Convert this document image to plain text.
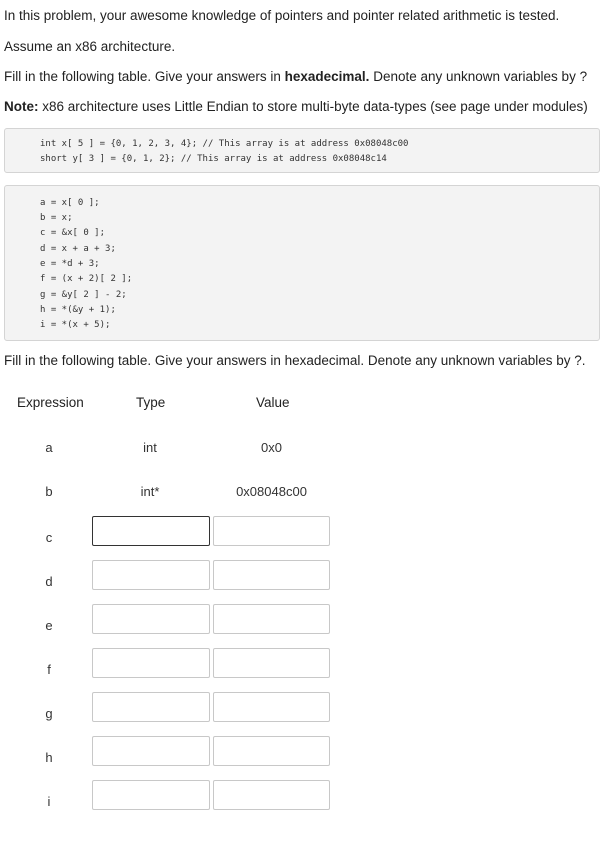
In this problem, your awesome knowledge of pointers and pointer related arithmetic is tested.
Assume an x86 architecture.
Fill in the following table. Give your answers in hexadecimal. Denote any unknown variables by ?
Note: x86 architecture uses Little Endian to store multi-byte data-types (see page under modules)
int x[ 5 ] = {0, 1, 2, 3, 4}; // This array is at address 0x08048c00
short y[ 3 ] = {0, 1, 2}; // This array is at address 0x08048c14
a = x[ 0 ];
b = x;
c = &x[ 0 ];
d = x + a + 3;
e = *d + 3;
f = (x + 2)[ 2 ];
g = &y[ 2 ] - 2;
h = *(&y + 1);
i = *(x + 5);
Fill in the following table. Give your answers in hexadecimal. Denote any unknown variables by ?.
Expression	Type	Value
a	int	0x0
b	int*	0x08048c00
c
d
e
f
g
h
i
